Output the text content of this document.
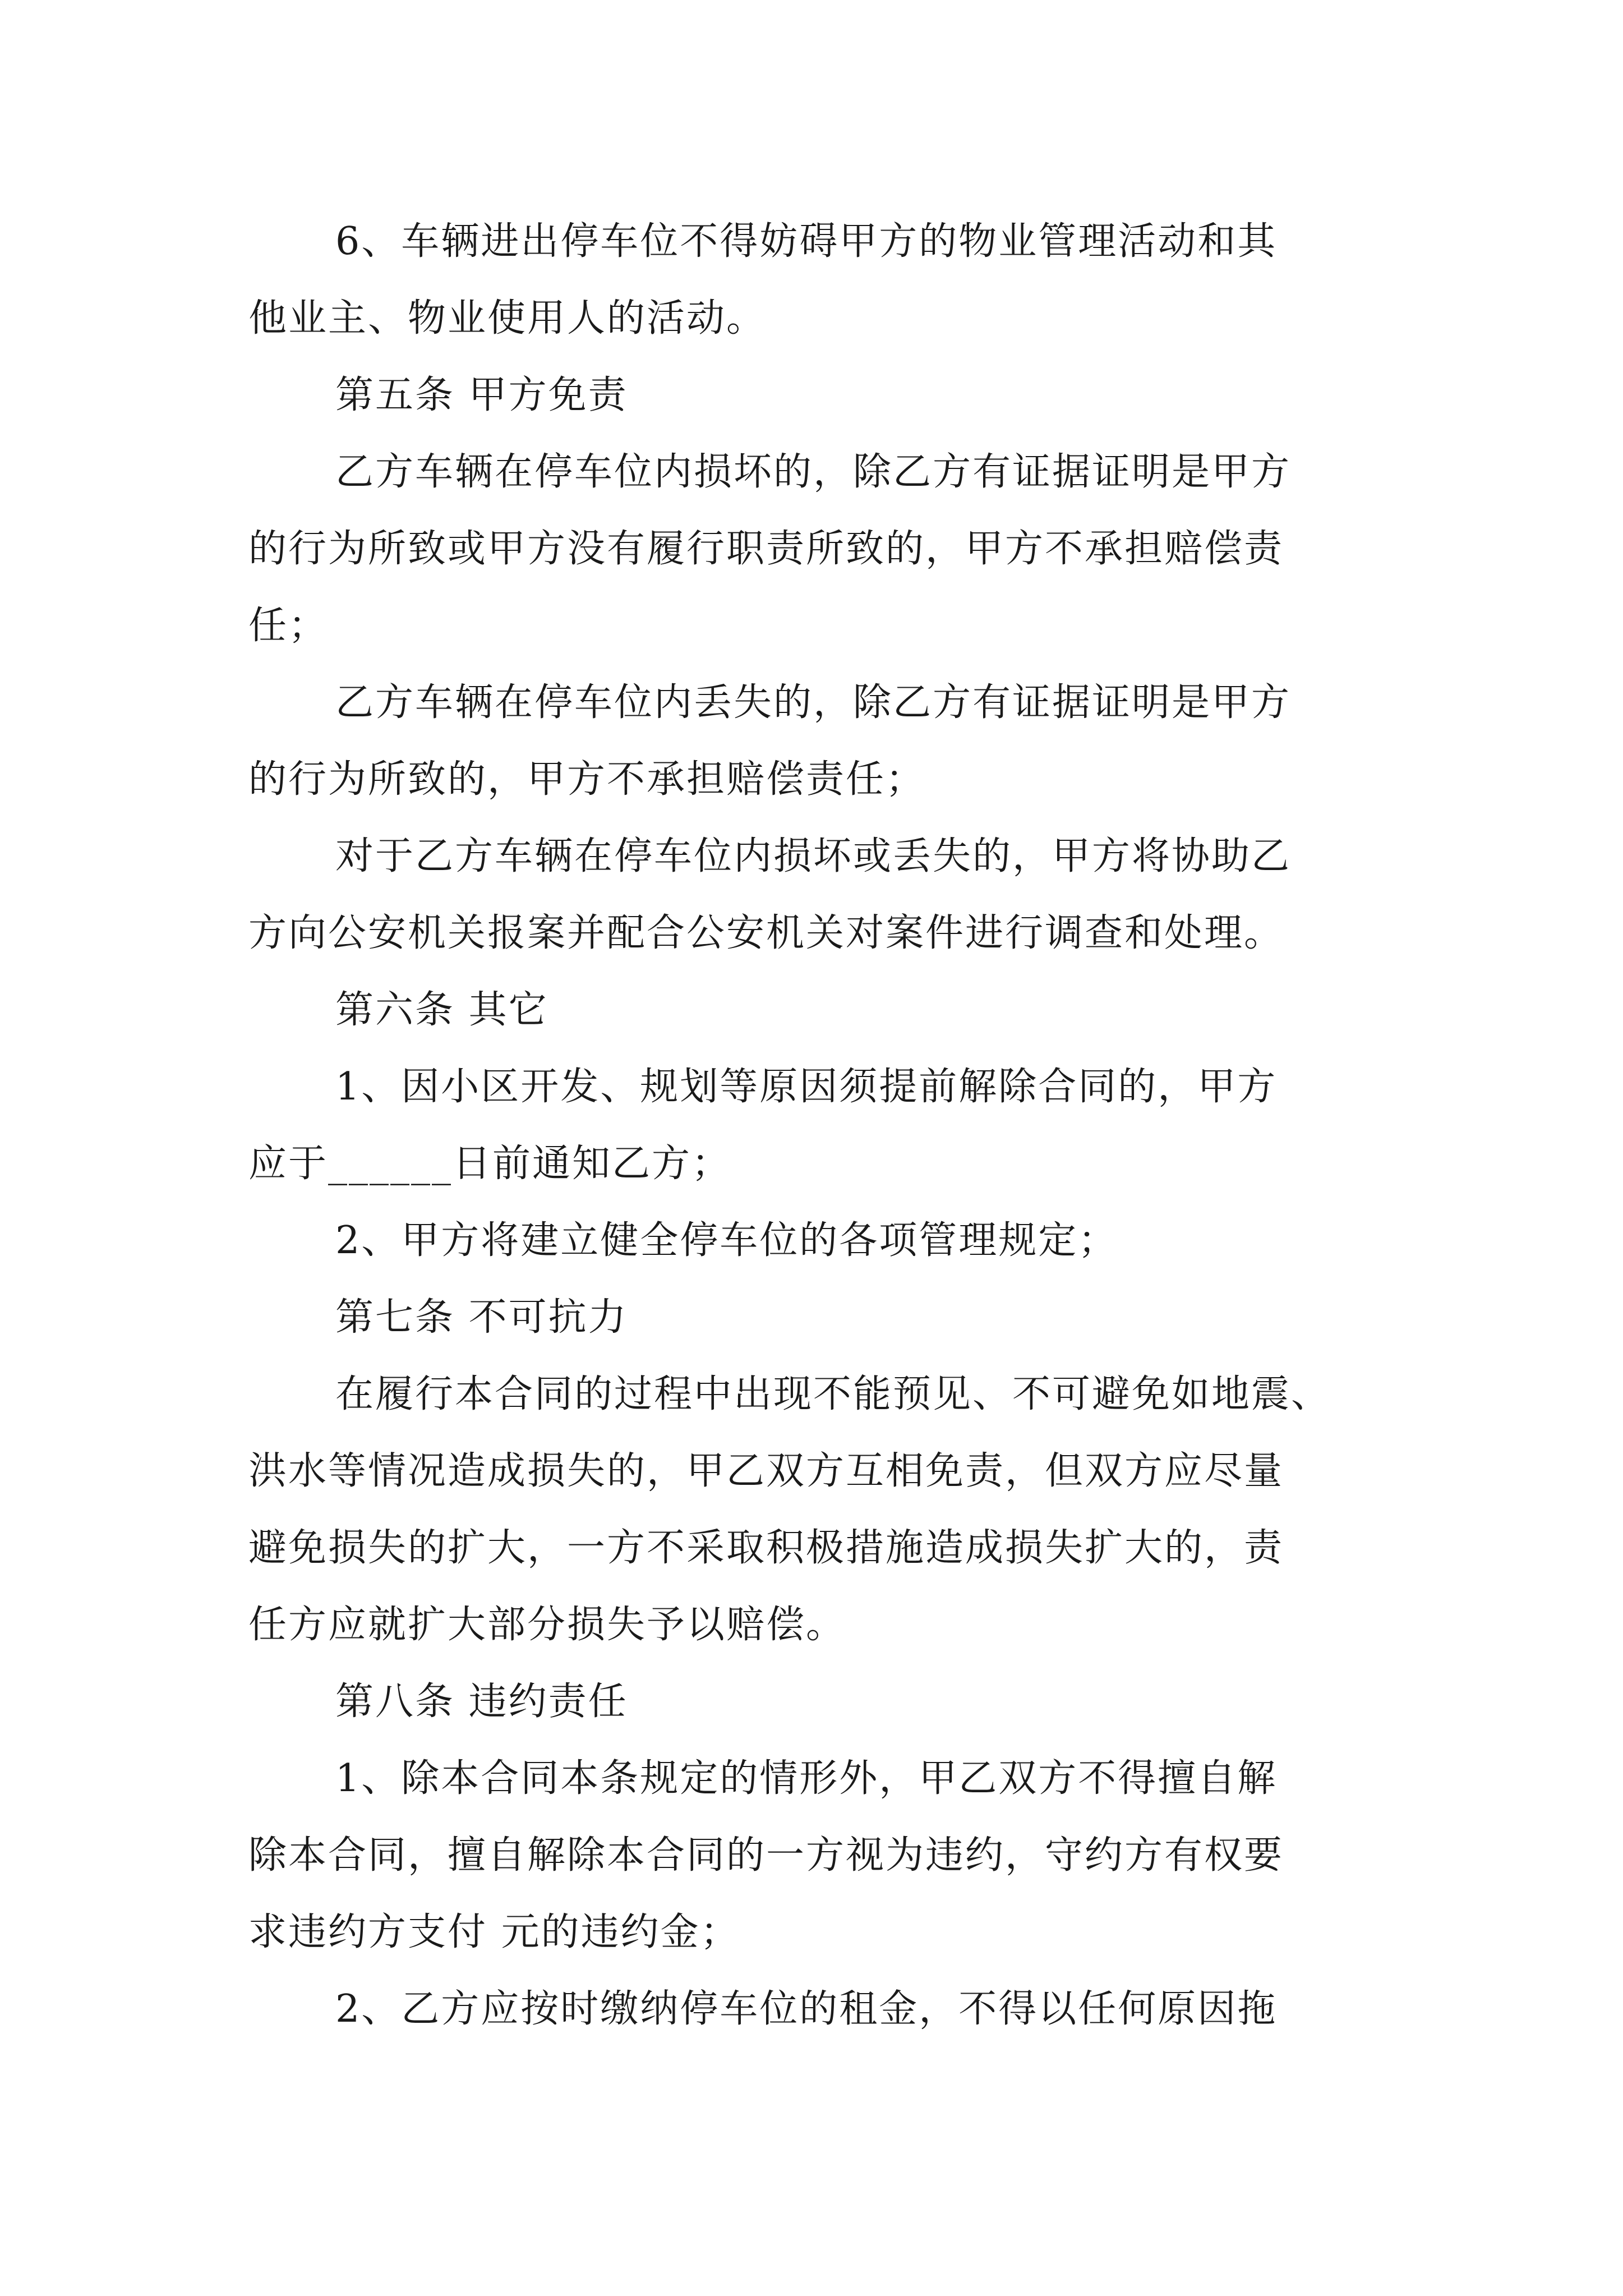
6、车辆进出停车位不得妨碍甲方的物业管理活动和其

他业主、物业使用人的活动。

第五条 甲方免责

乙方车辆在停车位内损坏的，除乙方有证据证明是甲方

的行为所致或甲方没有履行职责所致的，甲方不承担赔偿责

任；

乙方车辆在停车位内丢失的，除乙方有证据证明是甲方

的行为所致的，甲方不承担赔偿责任；

对于乙方车辆在停车位内损坏或丢失的，甲方将协助乙

方向公安机关报案并配合公安机关对案件进行调查和处理。

第六条 其它

1、因小区开发、规划等原因须提前解除合同的，甲方

应于______日前通知乙方；

2、甲方将建立健全停车位的各项管理规定；

第七条 不可抗力

在履行本合同的过程中出现不能预见、不可避免如地震、

洪水等情况造成损失的，甲乙双方互相免责，但双方应尽量

避免损失的扩大，一方不采取积极措施造成损失扩大的，责

任方应就扩大部分损失予以赔偿。

第八条 违约责任

1、除本合同本条规定的情形外，甲乙双方不得擅自解

除本合同，擅自解除本合同的一方视为违约，守约方有权要

求违约方支付 元的违约金；

2、乙方应按时缴纳停车位的租金，不得以任何原因拖
